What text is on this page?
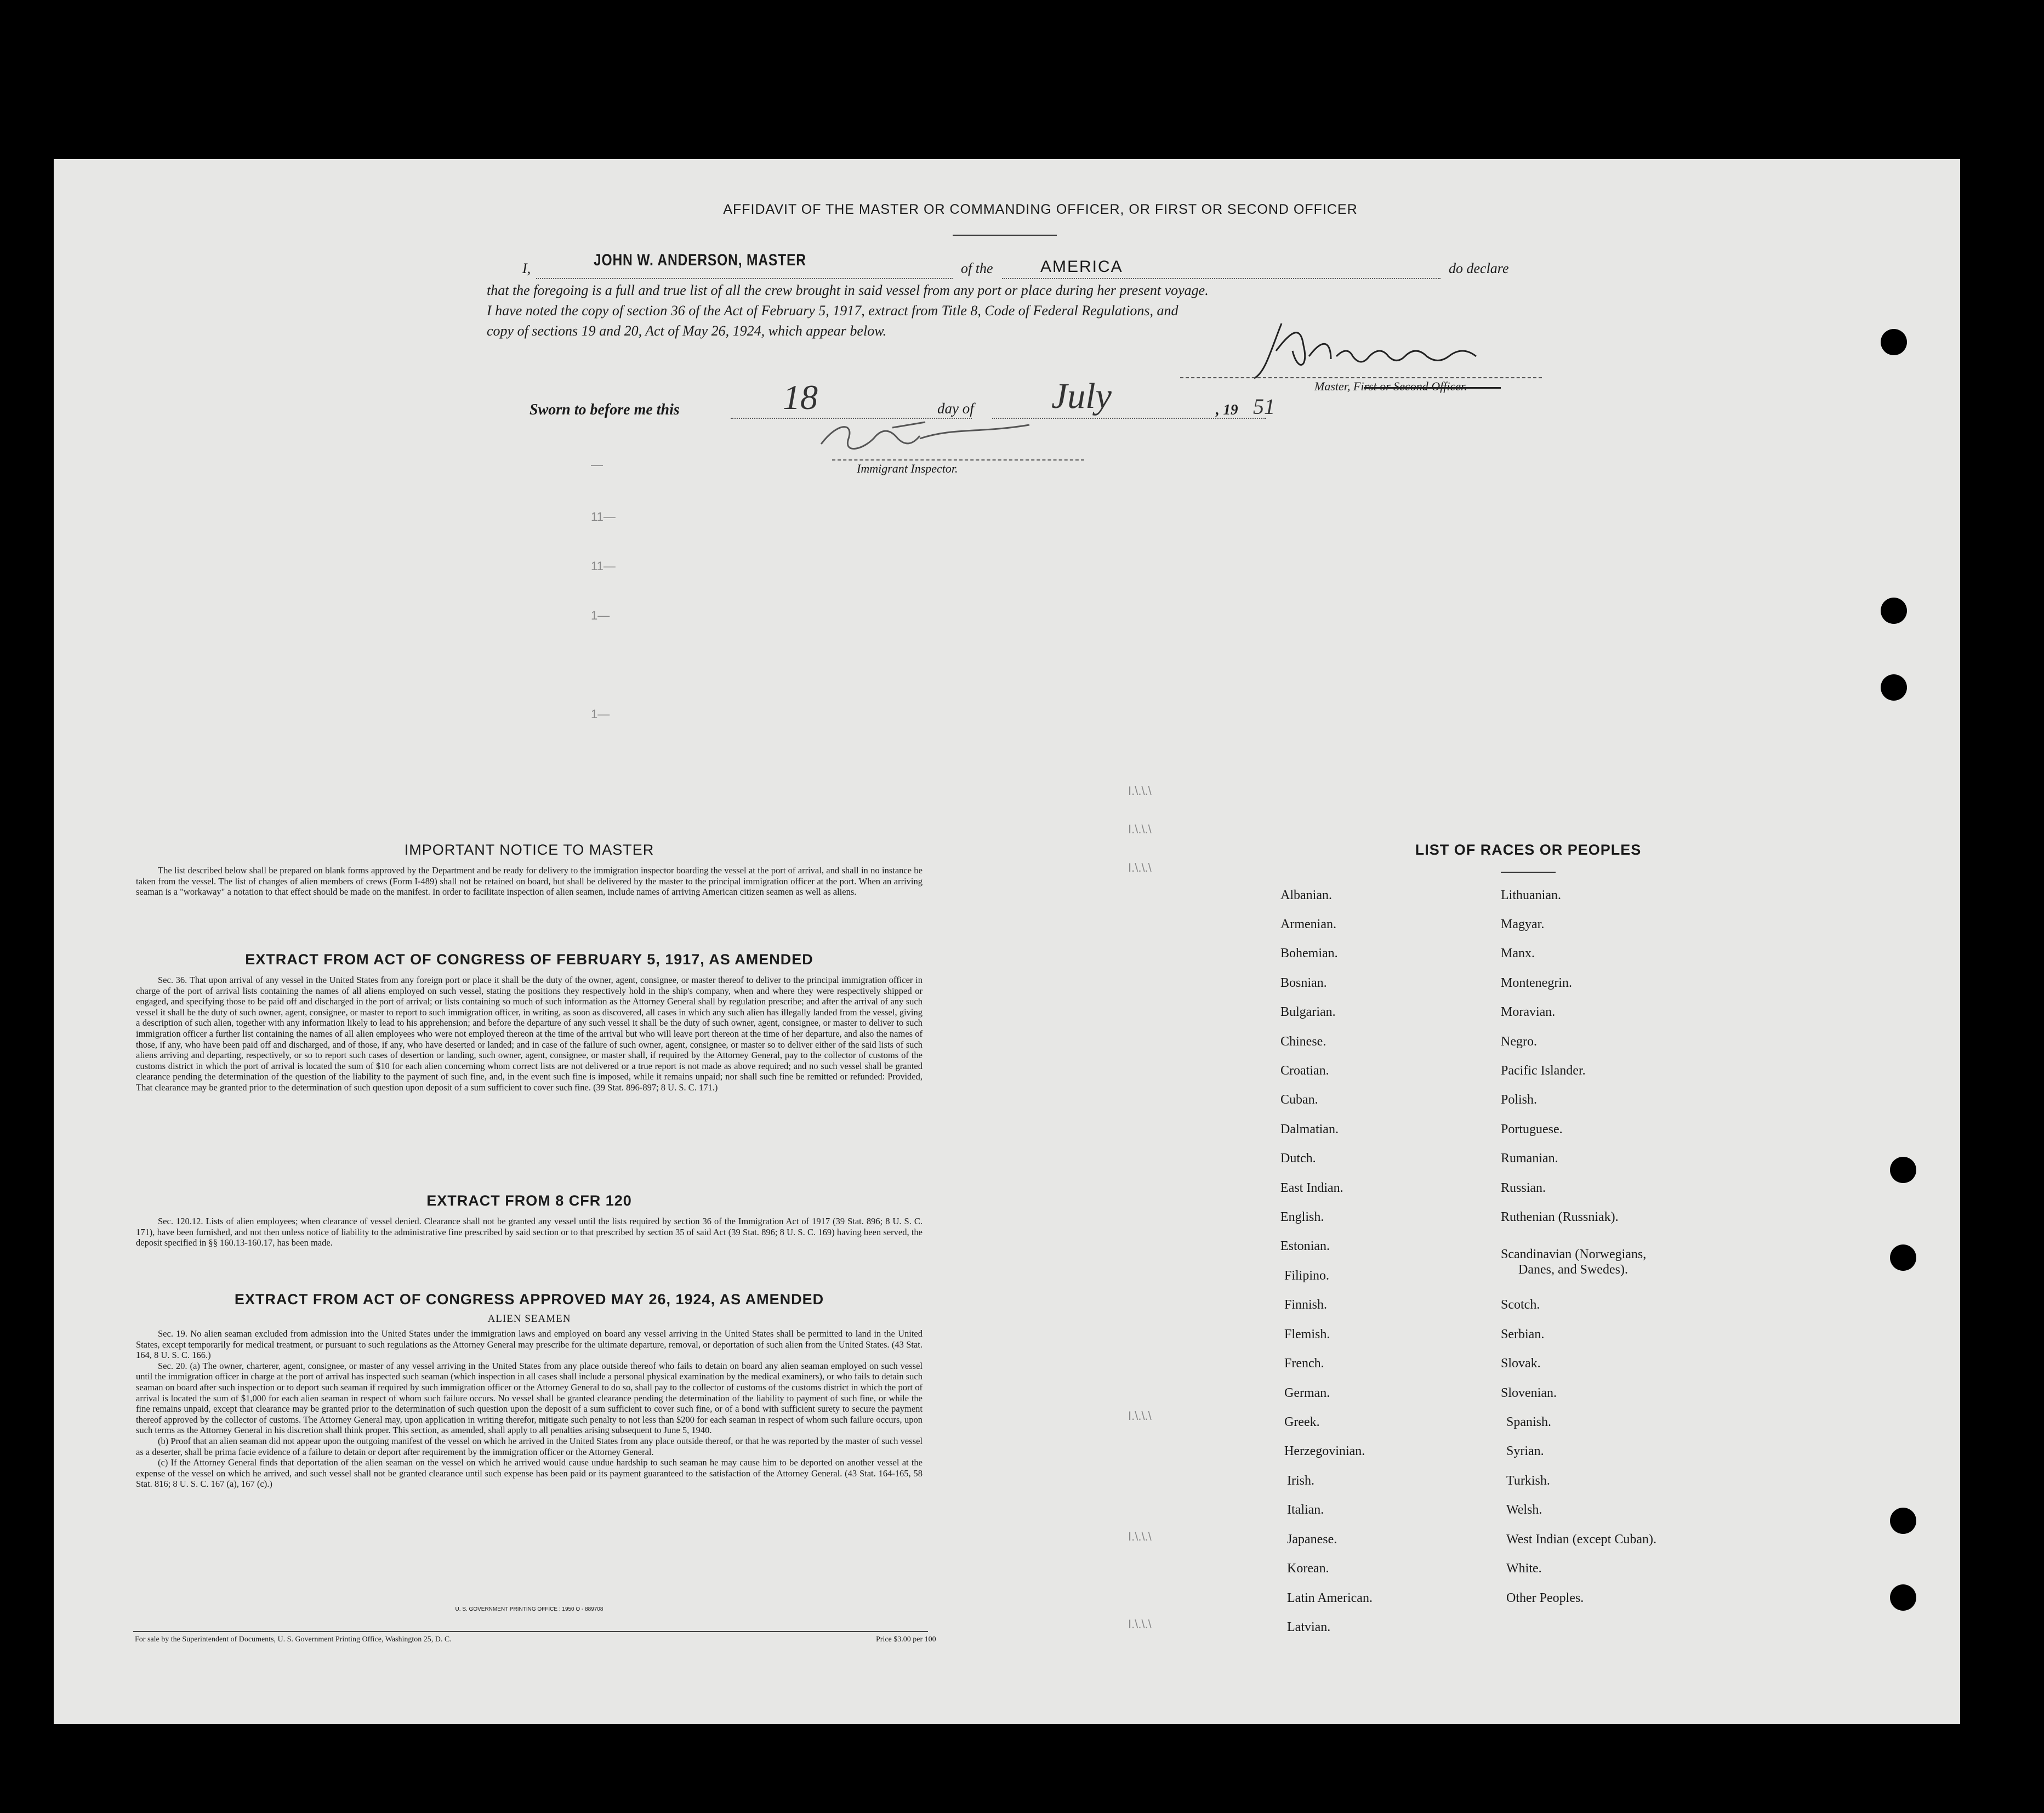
—
11—
11—
1—
1—
I.\.\.\
I.\.\.\
I.\.\.\
I.\.\.\
I.\.\.\
I.\.\.\
AFFIDAVIT OF THE MASTER OR COMMANDING OFFICER, OR FIRST OR SECOND OFFICER
I,	JOHN W. ANDERSON, MASTER	of the	AMERICA	do declare
that the foregoing is a full and true list of all the crew brought in said vessel from any port or place during her present voyage.
I have noted the copy of section 36 of the Act of February 5, 1917, extract from Title 8, Code of Federal Regulations, and
copy of sections 19 and 20, Act of May 26, 1924, which appear below.
Master, First or Second Officer.
Sworn to before me this	18	day of July	, 19 51
Immigrant Inspector.
IMPORTANT NOTICE TO MASTER

The list described below shall be prepared on blank forms approved by the Department and be ready for delivery to the immigration inspector boarding the vessel at the port of arrival, and shall in no instance be taken from the vessel. The list of changes of alien members of crews (Form I-489) shall not be retained on board, but shall be delivered by the master to the principal immigration officer at the port. When an arriving seaman is a "workaway" a notation to that effect should be made on the manifest. In order to facilitate inspection of alien seamen, include names of arriving American citizen seamen as well as aliens.

EXTRACT FROM ACT OF CONGRESS OF FEBRUARY 5, 1917, AS AMENDED

Sec. 36. That upon arrival of any vessel in the United States from any foreign port or place it shall be the duty of the owner, agent, consignee, or master thereof to deliver to the principal immigration officer in charge of the port of arrival lists containing the names of all aliens employed on such vessel, stating the positions they respectively hold in the ship's company, when and where they were respectively shipped or engaged, and specifying those to be paid off and discharged in the port of arrival; or lists containing so much of such information as the Attorney General shall by regulation prescribe; and after the arrival of any such vessel it shall be the duty of such owner, agent, consignee, or master to report to such immigration officer, in writing, as soon as discovered, all cases in which any such alien has illegally landed from the vessel, giving a description of such alien, together with any information likely to lead to his apprehension; and before the departure of any such vessel it shall be the duty of such owner, agent, consignee, or master to deliver to such immigration officer a further list containing the names of all alien employees who were not employed thereon at the time of the arrival but who will leave port thereon at the time of her departure, and also the names of those, if any, who have been paid off and discharged, and of those, if any, who have deserted or landed; and in case of the failure of such owner, agent, consignee, or master so to deliver either of the said lists of such aliens arriving and departing, respectively, or so to report such cases of desertion or landing, such owner, agent, consignee, or master shall, if required by the Attorney General, pay to the collector of customs of the customs district in which the port of arrival is located the sum of $10 for each alien concerning whom correct lists are not delivered or a true report is not made as above required; and no such vessel shall be granted clearance pending the determination of the question of the liability to the payment of such fine, and, in the event such fine is imposed, while it remains unpaid; nor shall such fine be remitted or refunded: Provided, That clearance may be granted prior to the determination of such question upon deposit of a sum sufficient to cover such fine. (39 Stat. 896-897; 8 U. S. C. 171.)

EXTRACT FROM 8 CFR 120

Sec. 120.12. Lists of alien employees; when clearance of vessel denied. Clearance shall not be granted any vessel until the lists required by section 36 of the Immigration Act of 1917 (39 Stat. 896; 8 U. S. C. 171), have been furnished, and not then unless notice of liability to the administrative fine prescribed by said section or to that prescribed by section 35 of said Act (39 Stat. 896; 8 U. S. C. 169) having been served, the deposit specified in §§ 160.13-160.17, has been made.

EXTRACT FROM ACT OF CONGRESS APPROVED MAY 26, 1924, AS AMENDED
ALIEN SEAMEN

Sec. 19. No alien seaman excluded from admission into the United States under the immigration laws and employed on board any vessel arriving in the United States shall be permitted to land in the United States, except temporarily for medical treatment, or pursuant to such regulations as the Attorney General may prescribe for the ultimate departure, removal, or deportation of such alien from the United States. (43 Stat. 164, 8 U. S. C. 166.)

Sec. 20. (a) The owner, charterer, agent, consignee, or master of any vessel arriving in the United States from any place outside thereof who fails to detain on board any alien seaman employed on such vessel until the immigration officer in charge at the port of arrival has inspected such seaman (which inspection in all cases shall include a personal physical examination by the medical examiners), or who fails to detain such seaman on board after such inspection or to deport such seaman if required by such immigration officer or the Attorney General to do so, shall pay to the collector of customs of the customs district in which the port of arrival is located the sum of $1,000 for each alien seaman in respect of whom such failure occurs. No vessel shall be granted clearance pending the determination of the liability to payment of such fine, or while the fine remains unpaid, except that clearance may be granted prior to the determination of such question upon the deposit of a sum sufficient to cover such fine, or of a bond with sufficient surety to secure the payment thereof approved by the collector of customs. The Attorney General may, upon application in writing therefor, mitigate such penalty to not less than $200 for each seaman in respect of whom such failure occurs, upon such terms as the Attorney General in his discretion shall think proper. This section, as amended, shall apply to all penalties arising subsequent to June 5, 1940.

(b) Proof that an alien seaman did not appear upon the outgoing manifest of the vessel on which he arrived in the United States from any place outside thereof, or that he was reported by the master of such vessel as a deserter, shall be prima facie evidence of a failure to detain or deport after requirement by the immigration officer or the Attorney General.

(c) If the Attorney General finds that deportation of the alien seaman on the vessel on which he arrived would cause undue hardship to such seaman he may cause him to be deported on another vessel at the expense of the vessel on which he arrived, and such vessel shall not be granted clearance until such expense has been paid or its payment guaranteed to the satisfaction of the Attorney General. (43 Stat. 164-165, 58 Stat. 816; 8 U. S. C. 167 (a), 167 (c).)

U. S. GOVERNMENT PRINTING OFFICE : 1950 O - 889708
For sale by the Superintendent of Documents, U. S. Government Printing Office, Washington 25, D. C.	Price $3.00 per 100
LIST OF RACES OR PEOPLES
Albanian.
Armenian.
Bohemian.
Bosnian.
Bulgarian.
Chinese.
Croatian.
Cuban.
Dalmatian.
Dutch.
East Indian.
English.
Estonian.
Filipino.
Finnish.
Flemish.
French.
German.
Greek.
Herzegovinian.
Irish.
Italian.
Japanese.
Korean.
Latin American.
Latvian.
Lithuanian.
Magyar.
Manx.
Montenegrin.
Moravian.
Negro.
Pacific Islander.
Polish.
Portuguese.
Rumanian.
Russian.
Ruthenian (Russniak).
Scandinavian (Norwegians,
Danes, and Swedes).
Scotch.
Serbian.
Slovak.
Slovenian.
Spanish.
Syrian.
Turkish.
Welsh.
West Indian (except Cuban).
White.
Other Peoples.
